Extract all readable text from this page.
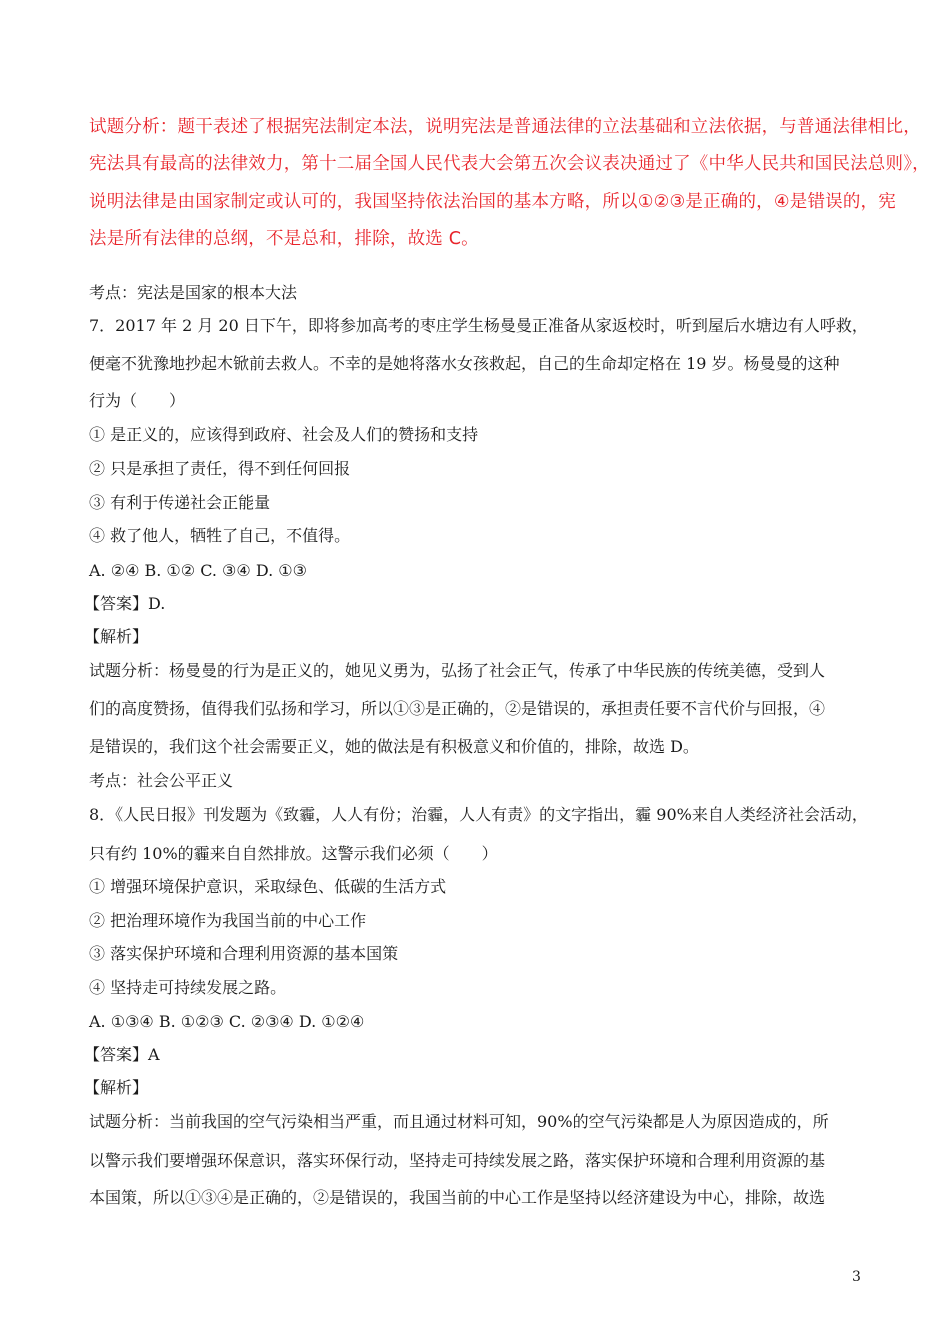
试题分析：题干表述了根据宪法制定本法，说明宪法是普通法律的立法基础和立法依据，与普通法律相比，
宪法具有最高的法律效力，第十二届全国人民代表大会第五次会议表决通过了《中华人民共和国民法总则》，
说明法律是由国家制定或认可的，我国坚持依法治国的基本方略，所以①②③是正确的，④是错误的，宪
法是所有法律的总纲，不是总和，排除，故选 C。
考点：宪法是国家的根本大法
7．2017 年 2 月 20 日下午，即将参加高考的枣庄学生杨曼曼正准备从家返校时，听到屋后水塘边有人呼救，
便毫不犹豫地抄起木锨前去救人。不幸的是她将落水女孩救起，自己的生命却定格在 19 岁。杨曼曼的这种
行为（　　）
① 是正义的，应该得到政府、社会及人们的赞扬和支持
② 只是承担了责任，得不到任何回报
③ 有利于传递社会正能量
④ 救了他人，牺牲了自己，不值得。
A. ②④ B. ①② C. ③④ D. ①③
【答案】D.
【解析】
试题分析：杨曼曼的行为是正义的，她见义勇为，弘扬了社会正气，传承了中华民族的传统美德，受到人
们的高度赞扬，值得我们弘扬和学习，所以①③是正确的，②是错误的，承担责任要不言代价与回报，④
是错误的，我们这个社会需要正义，她的做法是有积极意义和价值的，排除，故选 D。
考点：社会公平正义
8．《人民日报》刊发题为《致霾，人人有份；治霾，人人有责》的文字指出，霾 90%来自人类经济社会活动，
只有约 10%的霾来自自然排放。这警示我们必须（　　）
① 增强环境保护意识，采取绿色、低碳的生活方式
② 把治理环境作为我国当前的中心工作
③ 落实保护环境和合理利用资源的基本国策
④ 坚持走可持续发展之路。
A. ①③④ B. ①②③ C. ②③④ D. ①②④
【答案】A
【解析】
试题分析：当前我国的空气污染相当严重，而且通过材料可知，90%的空气污染都是人为原因造成的，所
以警示我们要增强环保意识，落实环保行动，坚持走可持续发展之路，落实保护环境和合理利用资源的基
本国策，所以①③④是正确的，②是错误的，我国当前的中心工作是坚持以经济建设为中心，排除，故选
3
